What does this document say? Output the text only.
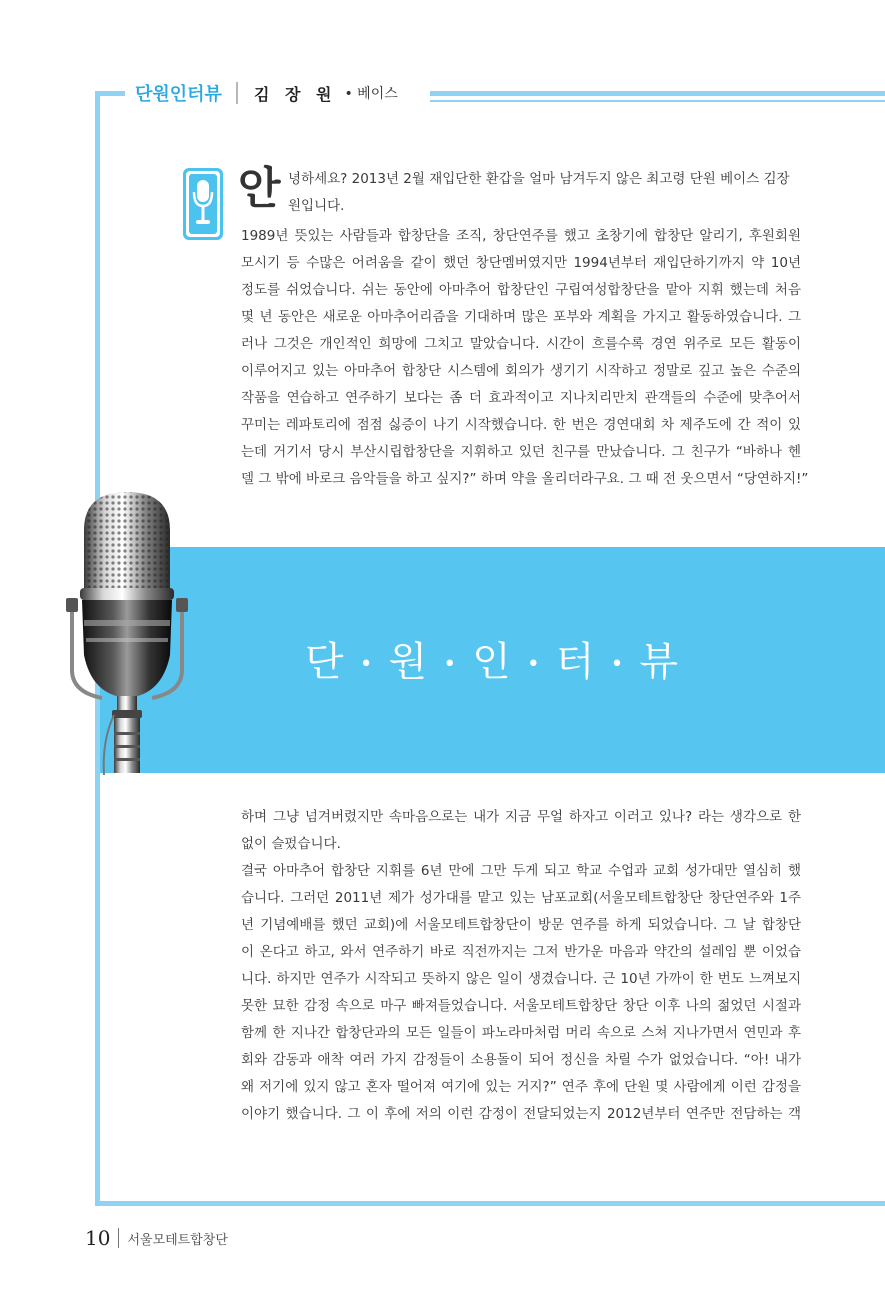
단원인터뷰 김 장 원 • 베이스
안 녕하세요? 2013년 2월 재입단한 환갑을 얼마 남겨두지 않은 최고령 단원 베이스 김장
원입니다.
1989년 뜻있는 사람들과 합창단을 조직, 창단연주를 했고 초창기에 합창단 알리기, 후원회원
모시기 등 수많은 어려움을 같이 했던 창단멤버였지만 1994년부터 재입단하기까지 약 10년
정도를 쉬었습니다. 쉬는 동안에 아마추어 합창단인 구립여성합창단을 맡아 지휘 했는데 처음
몇 년 동안은 새로운 아마추어리즘을 기대하며 많은 포부와 계획을 가지고 활동하였습니다. 그
러나 그것은 개인적인 희망에 그치고 말았습니다. 시간이 흐를수록 경연 위주로 모든 활동이
이루어지고 있는 아마추어 합창단 시스템에 회의가 생기기 시작하고 정말로 깊고 높은 수준의
작품을 연습하고 연주하기 보다는 좀 더 효과적이고 지나치리만치 관객들의 수준에 맞추어서
꾸미는 레파토리에 점점 싫증이 나기 시작했습니다. 한 번은 경연대회 차 제주도에 간 적이 있
는데 거기서 당시 부산시립합창단을 지휘하고 있던 친구를 만났습니다. 그 친구가 “바하나 헨
델 그 밖에 바로크 음악들을 하고 싶지?” 하며 약을 올리더라구요. 그 때 전 웃으면서 “당연하지!”
단 • 원 • 인 • 터 • 뷰
하며 그냥 넘겨버렸지만 속마음으로는 내가 지금 무얼 하자고 이러고 있나? 라는 생각으로 한
없이 슬펐습니다.
결국 아마추어 합창단 지휘를 6년 만에 그만 두게 되고 학교 수업과 교회 성가대만 열심히 했
습니다. 그러던 2011년 제가 성가대를 맡고 있는 남포교회(서울모테트합창단 창단연주와 1주
년 기념예배를 했던 교회)에 서울모테트합창단이 방문 연주를 하게 되었습니다. 그 날 합창단
이 온다고 하고, 와서 연주하기 바로 직전까지는 그저 반가운 마음과 약간의 설레임 뿐 이었습
니다. 하지만 연주가 시작되고 뜻하지 않은 일이 생겼습니다. 근 10년 가까이 한 번도 느껴보지
못한 묘한 감정 속으로 마구 빠져들었습니다. 서울모테트합창단 창단 이후 나의 젊었던 시절과
함께 한 지나간 합창단과의 모든 일들이 파노라마처럼 머리 속으로 스쳐 지나가면서 연민과 후
회와 감동과 애착 여러 가지 감정들이 소용돌이 되어 정신을 차릴 수가 없었습니다. “아! 내가
왜 저기에 있지 않고 혼자 떨어져 여기에 있는 거지?” 연주 후에 단원 몇 사람에게 이런 감정을
이야기 했습니다. 그 이 후에 저의 이런 감정이 전달되었는지 2012년부터 연주만 전담하는 객
10 서울모테트합창단
